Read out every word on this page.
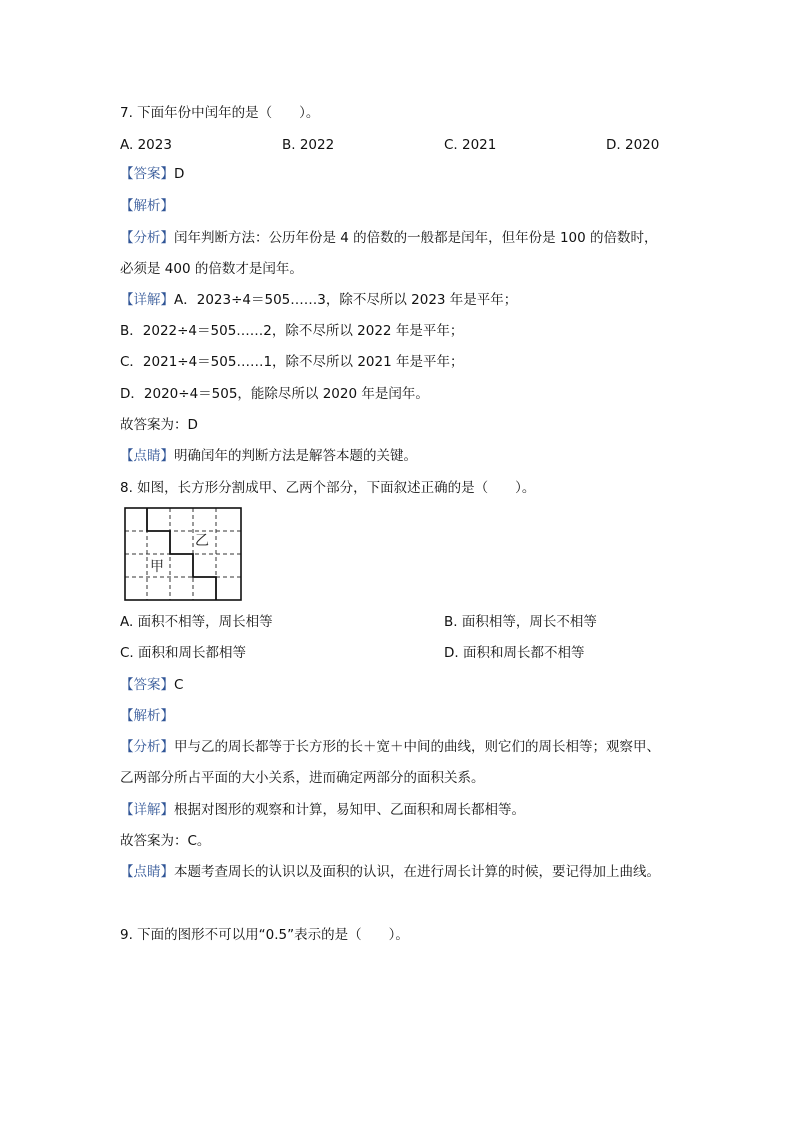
7. 下面年份中闰年的是（　　）。
A. 2023	B. 2022	C. 2021	D. 2020
【答案】D
【解析】
【分析】闰年判断方法：公历年份是 4 的倍数的一般都是闰年，但年份是 100 的倍数时，
必须是 400 的倍数才是闰年。
【详解】A．2023÷4＝505……3，除不尽所以 2023 年是平年；
B．2022÷4＝505……2，除不尽所以 2022 年是平年；
C．2021÷4＝505……1，除不尽所以 2021 年是平年；
D．2020÷4＝505，能除尽所以 2020 年是闰年。
故答案为：D
【点睛】明确闰年的判断方法是解答本题的关键。
8. 如图，长方形分割成甲、乙两个部分，下面叙述正确的是（　　）。
甲
乙
A. 面积不相等，周长相等	B. 面积相等，周长不相等
C. 面积和周长都相等	D. 面积和周长都不相等
【答案】C
【解析】
【分析】甲与乙的周长都等于长方形的长＋宽＋中间的曲线，则它们的周长相等；观察甲、
乙两部分所占平面的大小关系，进而确定两部分的面积关系。
【详解】根据对图形的观察和计算，易知甲、乙面积和周长都相等。
故答案为：C。
【点睛】本题考查周长的认识以及面积的认识，在进行周长计算的时候，要记得加上曲线。
9. 下面的图形不可以用“0.5”表示的是（　　）。
